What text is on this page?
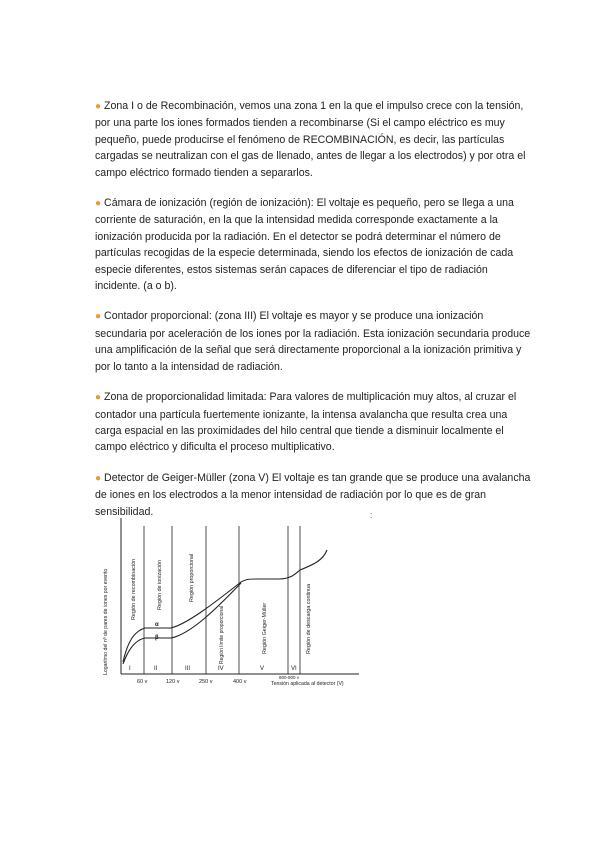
● Zona I o de Recombinación, vemos una zona 1 en la que el impulso crece con la tensión, por una parte los iones formados tienden a recombinarse (Si el campo eléctrico es muy pequeño, puede producirse el fenómeno de RECOMBINACIÓN, es decir, las partículas cargadas se neutralizan con el gas de llenado, antes de llegar a los electrodos) y por otra el campo eléctrico formado tienden a separarlos.

● Cámara de ionización (región de ionización): El voltaje es pequeño, pero se llega a una corriente de saturación, en la que la intensidad medida corresponde exactamente a la ionización producida por la radiación. En el detector se podrá determinar el número de partículas recogidas de la especie determinada, siendo los efectos de ionización de cada especie diferentes, estos sistemas serán capaces de diferenciar el tipo de radiación incidente. (a o b).

● Contador proporcional: (zona III) El voltaje es mayor y se produce una ionización secundaria por aceleración de los iones por la radiación. Esta ionización secundaria produce una amplificación de la señal que será directamente proporcional a la ionización primitiva y por lo tanto a la intensidad de radiación.

● Zona de proporcionalidad limitada: Para valores de multiplicación muy altos, al cruzar el contador una partícula fuertemente ionizante, la intensa avalancha que resulta crea una carga espacial en las proximidades del hilo central que tiende a disminuir localmente el campo eléctrico y dificulta el proceso multiplicativo.

● Detector de Geiger-Müller (zona V) El voltaje es tan grande que se produce una avalancha de iones en los electrodos a la menor intensidad de radiación por lo que es de gran sensibilidad.	:
Logaritmo del nº de pares de iones por evento	Región de recombinación	Región de ionización	Región proporcional
Región límite proporcional	Región Geiger-Müller	Región de descarga continua
I	II	III	IV	V	VI
α
β
60 v	120 v	250 v	400 v
800-900 v
Tensión aplicada al detector (V)
